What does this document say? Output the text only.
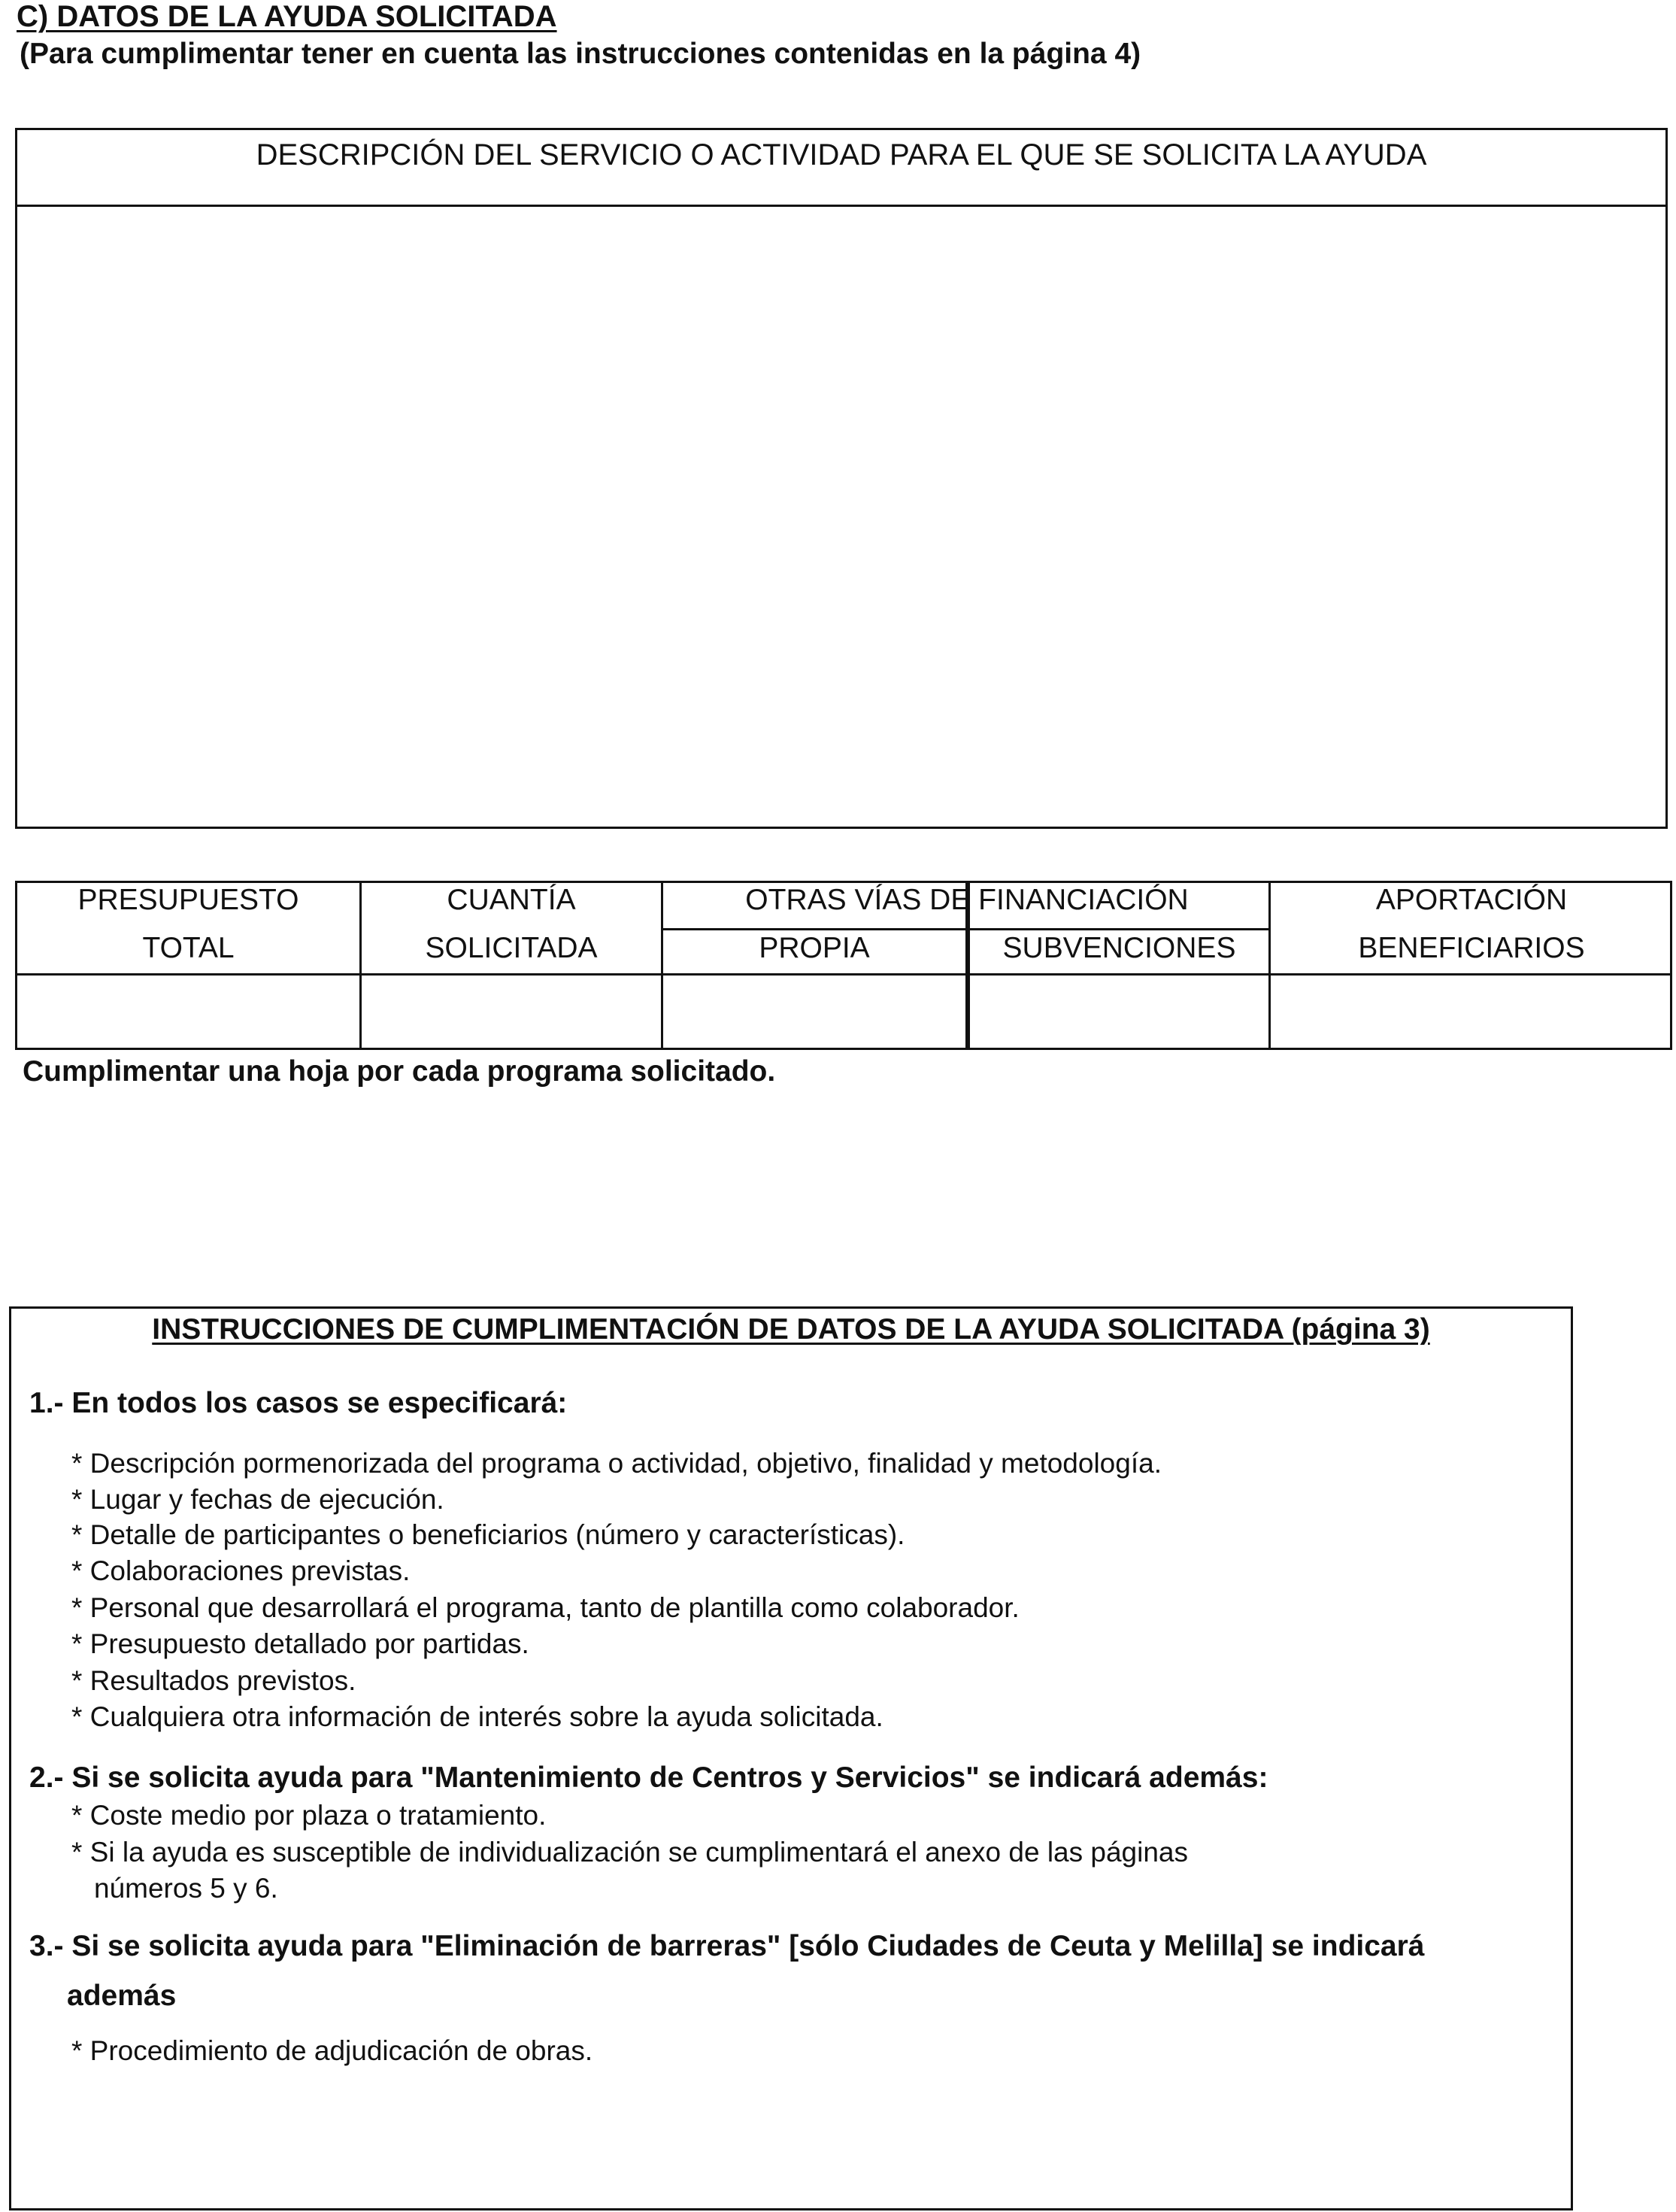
C) DATOS DE LA AYUDA SOLICITADA
(Para cumplimentar tener en cuenta las instrucciones contenidas en la página 4)
DESCRIPCIÓN DEL SERVICIO O ACTIVIDAD PARA EL QUE SE SOLICITA LA AYUDA
PRESUPUESTO
TOTAL
CUANTÍA
SOLICITADA
OTRAS VÍAS DE FINANCIACIÓN
PROPIA	SUBVENCIONES
APORTACIÓN
BENEFICIARIOS
Cumplimentar una hoja por cada programa solicitado.
INSTRUCCIONES DE CUMPLIMENTACIÓN DE DATOS DE LA AYUDA SOLICITADA (página 3)
1.- En todos los casos se especificará:
* Descripción pormenorizada del programa o actividad, objetivo, finalidad y metodología.
* Lugar y fechas de ejecución.
* Detalle de participantes o beneficiarios (número y características).
* Colaboraciones previstas.
* Personal que desarrollará el programa, tanto de plantilla como colaborador.
* Presupuesto detallado por partidas.
* Resultados previstos.
* Cualquiera otra información de interés sobre la ayuda solicitada.
2.- Si se solicita ayuda para "Mantenimiento de Centros y Servicios" se indicará además:
* Coste medio por plaza o tratamiento.
* Si la ayuda es susceptible de individualización se cumplimentará el anexo de las páginas
números 5 y 6.
3.- Si se solicita ayuda para "Eliminación de barreras" [sólo Ciudades de Ceuta y Melilla] se indicará
además
* Procedimiento de adjudicación de obras.
